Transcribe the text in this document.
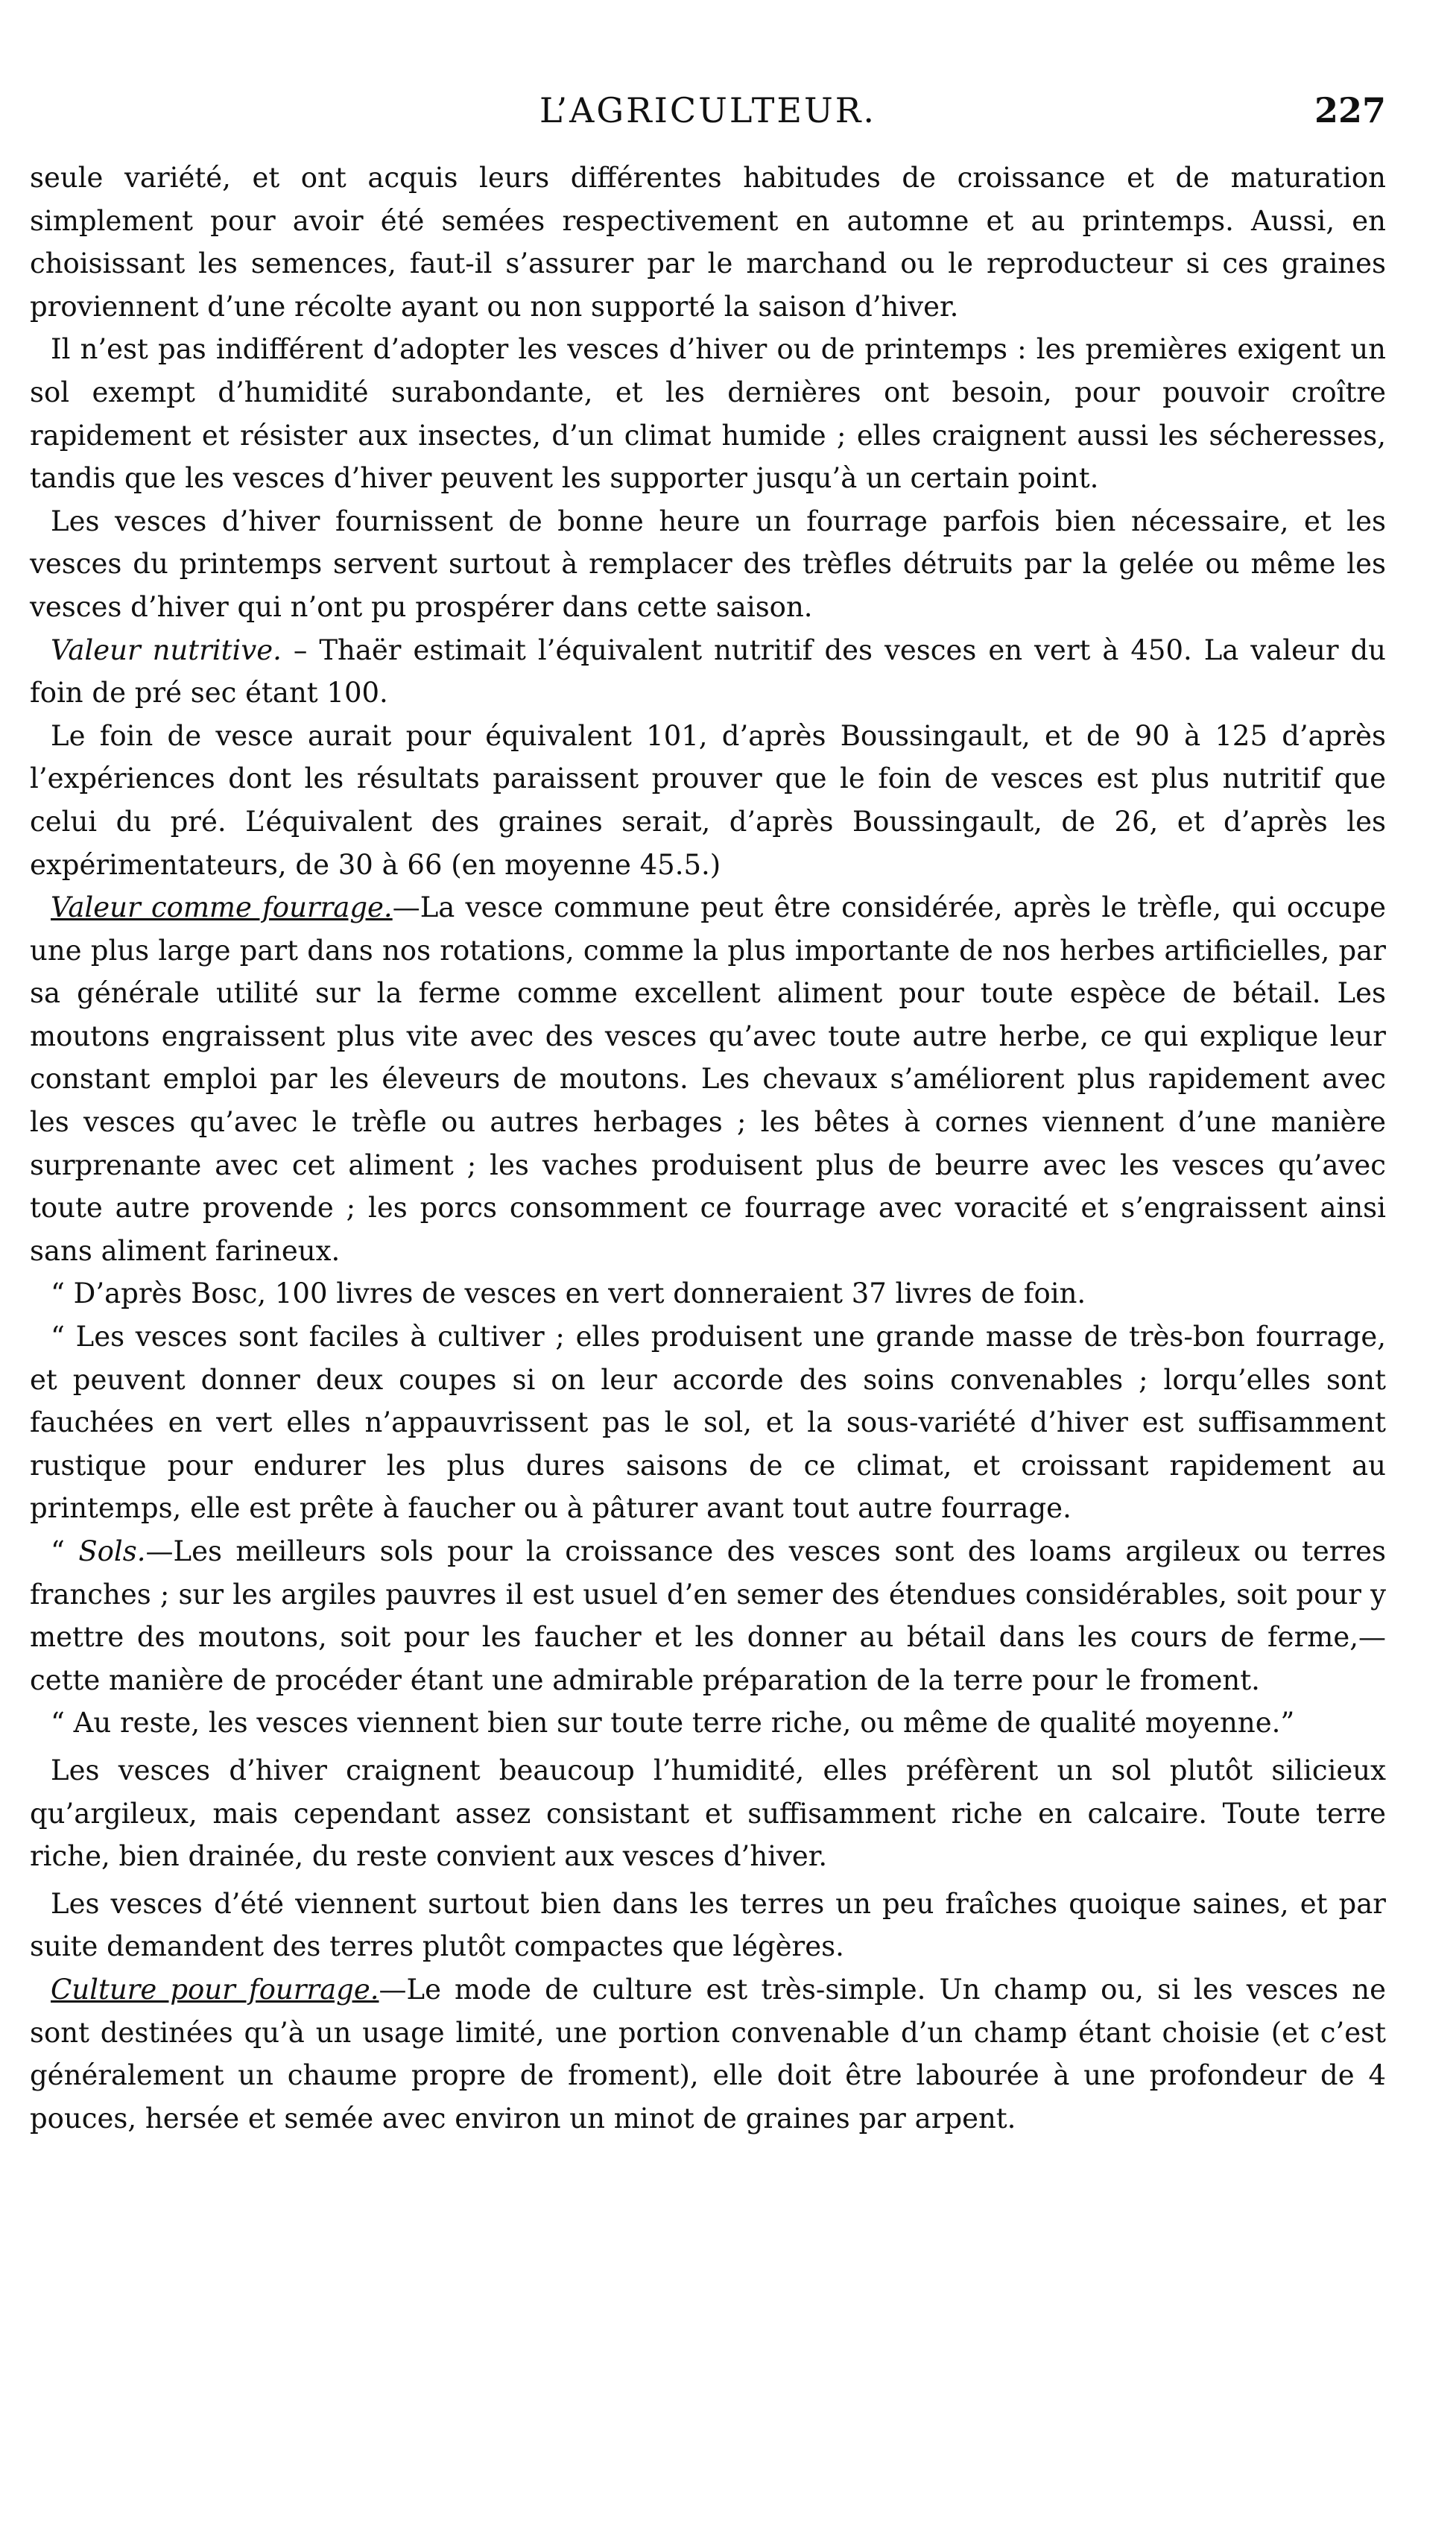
L’AGRICULTEUR.	227

seule variété, et ont acquis leurs différentes habitudes de croissance et de maturation simplement pour avoir été semées respectivement en automne et au printemps. Aussi, en choisissant les semences, faut-il s’assurer par le marchand ou le reproducteur si ces graines proviennent d’une récolte ayant ou non supporté la saison d’hiver.

Il n’est pas indifférent d’adopter les vesces d’hiver ou de printemps : les premières exigent un sol exempt d’humidité surabondante, et les dernières ont besoin, pour pouvoir croître rapidement et résister aux insectes, d’un climat humide ; elles craignent aussi les sécheresses, tandis que les vesces d’hiver peuvent les supporter jusqu’à un certain point.

Les vesces d’hiver fournissent de bonne heure un fourrage parfois bien nécessaire, et les vesces du printemps servent surtout à remplacer des trèfles détruits par la gelée ou même les vesces d’hiver qui n’ont pu prospérer dans cette saison.

Valeur nutritive. – Thaër estimait l’équivalent nutritif des vesces en vert à 450. La valeur du foin de pré sec étant 100.

Le foin de vesce aurait pour équivalent 101, d’après Boussingault, et de 90 à 125 d’après l’expériences dont les résultats paraissent prouver que le foin de vesces est plus nutritif que celui du pré. L’équivalent des graines serait, d’après Boussingault, de 26, et d’après les expérimentateurs, de 30 à 66 (en moyenne 45.5.)

Valeur comme fourrage.—La vesce commune peut être considérée, après le trèfle, qui occupe une plus large part dans nos rotations, comme la plus importante de nos herbes artificielles, par sa générale utilité sur la ferme comme excellent aliment pour toute espèce de bétail. Les moutons engraissent plus vite avec des vesces qu’avec toute autre herbe, ce qui explique leur constant emploi par les éleveurs de moutons. Les chevaux s’améliorent plus rapidement avec les vesces qu’avec le trèfle ou autres herbages ; les bêtes à cornes viennent d’une manière surprenante avec cet aliment ; les vaches produisent plus de beurre avec les vesces qu’avec toute autre provende ; les porcs consomment ce fourrage avec voracité et s’engraissent ainsi sans aliment farineux.

“ D’après Bosc, 100 livres de vesces en vert donneraient 37 livres de foin.

“ Les vesces sont faciles à cultiver ; elles produisent une grande masse de très-bon fourrage, et peuvent donner deux coupes si on leur accorde des soins convenables ; lorqu’elles sont fauchées en vert elles n’appauvrissent pas le sol, et la sous-variété d’hiver est suffisamment rustique pour endurer les plus dures saisons de ce climat, et croissant rapidement au printemps, elle est prête à faucher ou à pâturer avant tout autre fourrage.

“ Sols.—Les meilleurs sols pour la croissance des vesces sont des loams argileux ou terres franches ; sur les argiles pauvres il est usuel d’en semer des étendues considérables, soit pour y mettre des moutons, soit pour les faucher et les donner au bétail dans les cours de ferme,—cette manière de procéder étant une admirable préparation de la terre pour le froment.

“ Au reste, les vesces viennent bien sur toute terre riche, ou même de qualité moyenne.”

Les vesces d’hiver craignent beaucoup l’humidité, elles préfèrent un sol plutôt silicieux qu’argileux, mais cependant assez consistant et suffisamment riche en calcaire. Toute terre riche, bien drainée, du reste convient aux vesces d’hiver.

Les vesces d’été viennent surtout bien dans les terres un peu fraîches quoique saines, et par suite demandent des terres plutôt compactes que légères.

Culture pour fourrage.—Le mode de culture est très-simple. Un champ ou, si les vesces ne sont destinées qu’à un usage limité, une portion convenable d’un champ étant choisie (et c’est généralement un chaume propre de froment), elle doit être labourée à une profondeur de 4 pouces, hersée et semée avec environ un minot de graines par arpent.
